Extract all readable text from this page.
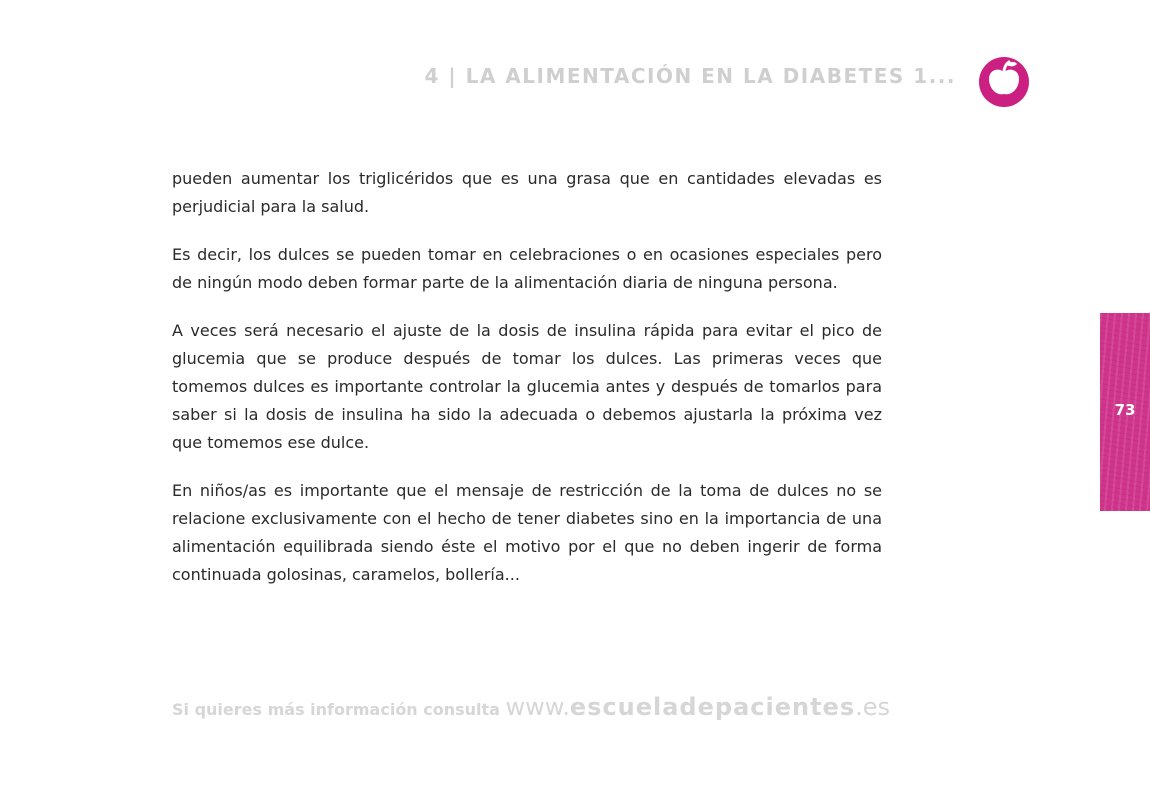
4 | LA ALIMENTACIÓN EN LA DIABETES 1...

pueden aumentar los triglicéridos que es una grasa que en cantidades elevadas es perjudicial para la salud.

Es decir, los dulces se pueden tomar en celebraciones o en ocasiones especiales pero de ningún modo deben formar parte de la alimentación diaria de ninguna persona.

A veces será necesario el ajuste de la dosis de insulina rápida para evitar el pico de glucemia que se produce después de tomar los dulces. Las primeras veces que tomemos dulces es importante controlar la glucemia antes y después de tomarlos para saber si la dosis de insulina ha sido la adecuada o debemos ajustarla la próxima vez que tomemos ese dulce.

En niños/as es importante que el mensaje de restricción de la toma de dulces no se relacione exclusivamente con el hecho de tener diabetes sino en la importancia de una alimentación equilibrada siendo éste el motivo por el que no deben ingerir de forma continuada golosinas, caramelos, bollería...

73
Si quieres más información consulta www.escueladepacientes.es
